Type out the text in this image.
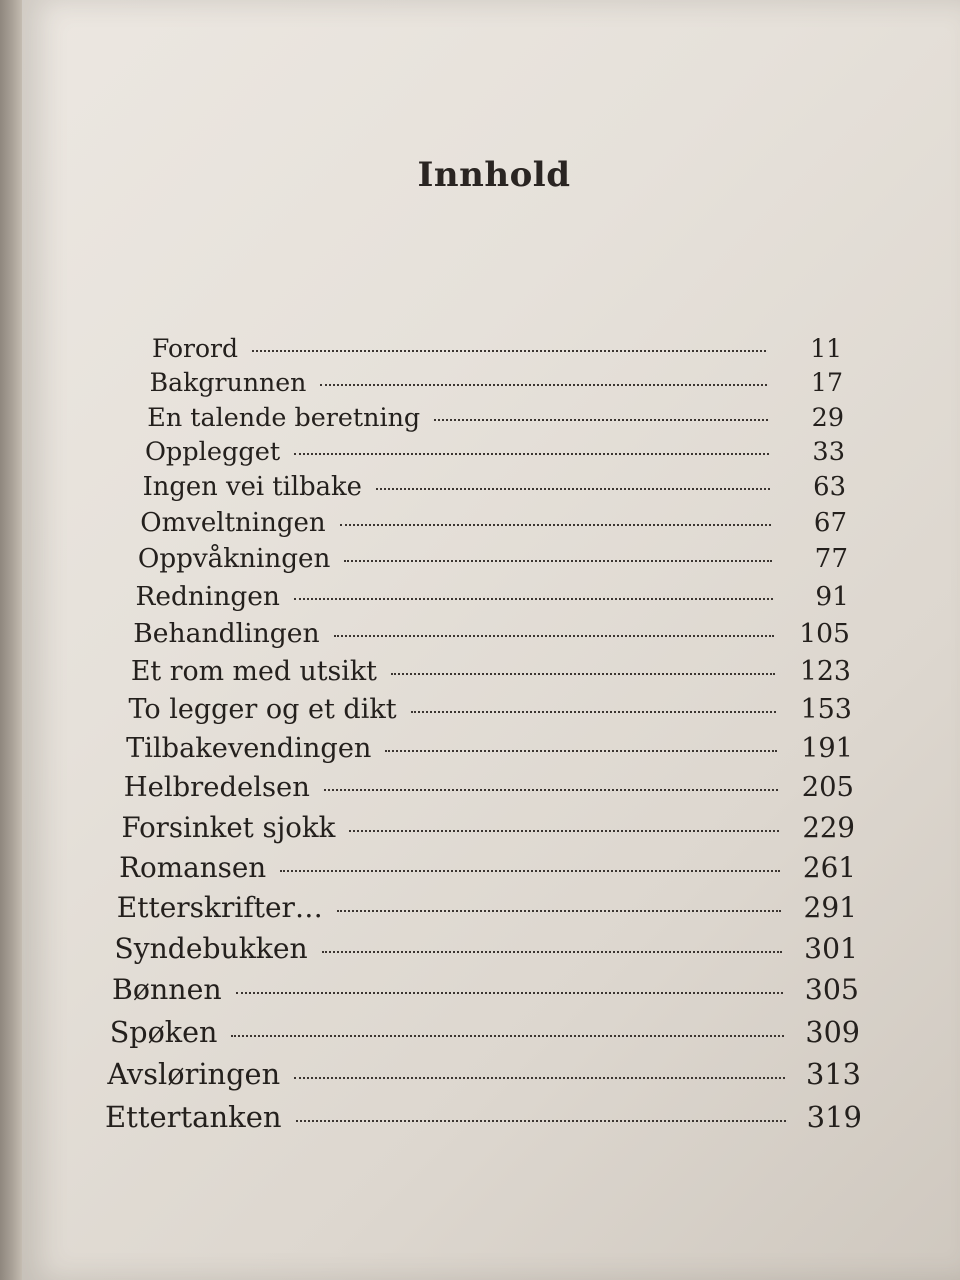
Innhold
Forord	11
Bakgrunnen	17
En talende beretning	29
Opplegget	33
Ingen vei tilbake	63
Omveltningen	67
Oppvåkningen	77
Redningen	91
Behandlingen	105
Et rom med utsikt	123
To legger og et dikt	153
Tilbakevendingen	191
Helbredelsen	205
Forsinket sjokk	229
Romansen	261
Etterskrifter…	291
Syndebukken	301
Bønnen	305
Spøken	309
Avsløringen	313
Ettertanken	319
